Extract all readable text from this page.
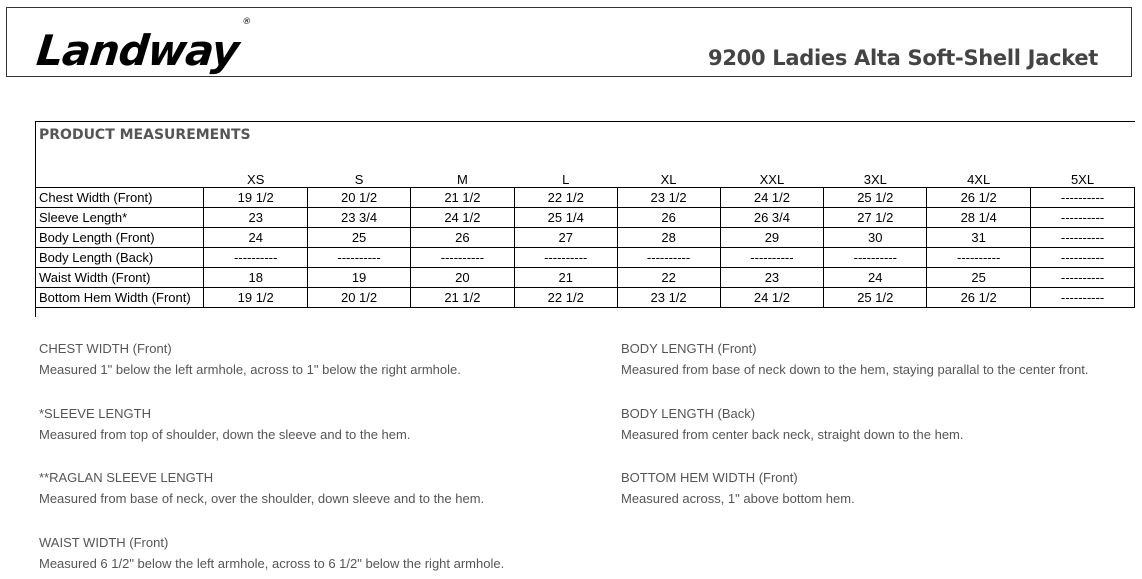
Landway®
9200 Ladies Alta Soft-Shell Jacket
PRODUCT MEASUREMENTS
	XS	S	M	L	XL	XXL	3XL	4XL	5XL
Chest Width (Front)	19 1/2	20 1/2	21 1/2	22 1/2	23 1/2	24 1/2	25 1/2	26 1/2	----------
Sleeve Length*	23	23 3/4	24 1/2	25 1/4	26	26 3/4	27 1/2	28 1/4	----------
Body Length (Front)	24	25	26	27	28	29	30	31	----------
Body Length (Back)	----------	----------	----------	----------	----------	----------	----------	----------	----------
Waist Width (Front)	18	19	20	21	22	23	24	25	----------
Bottom Hem Width (Front)	19 1/2	20 1/2	21 1/2	22 1/2	23 1/2	24 1/2	25 1/2	26 1/2	----------
CHEST WIDTH (Front)
Measured 1" below the left armhole, across to 1" below the right armhole.
*SLEEVE LENGTH
Measured from top of shoulder, down the sleeve and to the hem.
**RAGLAN SLEEVE LENGTH
Measured from base of neck, over the shoulder, down sleeve and to the hem.
WAIST WIDTH (Front)
Measured 6 1/2" below the left armhole, across to 6 1/2" below the right armhole.
BODY LENGTH (Front)
Measured from base of neck down to the hem, staying parallal to the center front.
BODY LENGTH (Back)
Measured from center back neck, straight down to the hem.
BOTTOM HEM WIDTH (Front)
Measured across, 1" above bottom hem.
